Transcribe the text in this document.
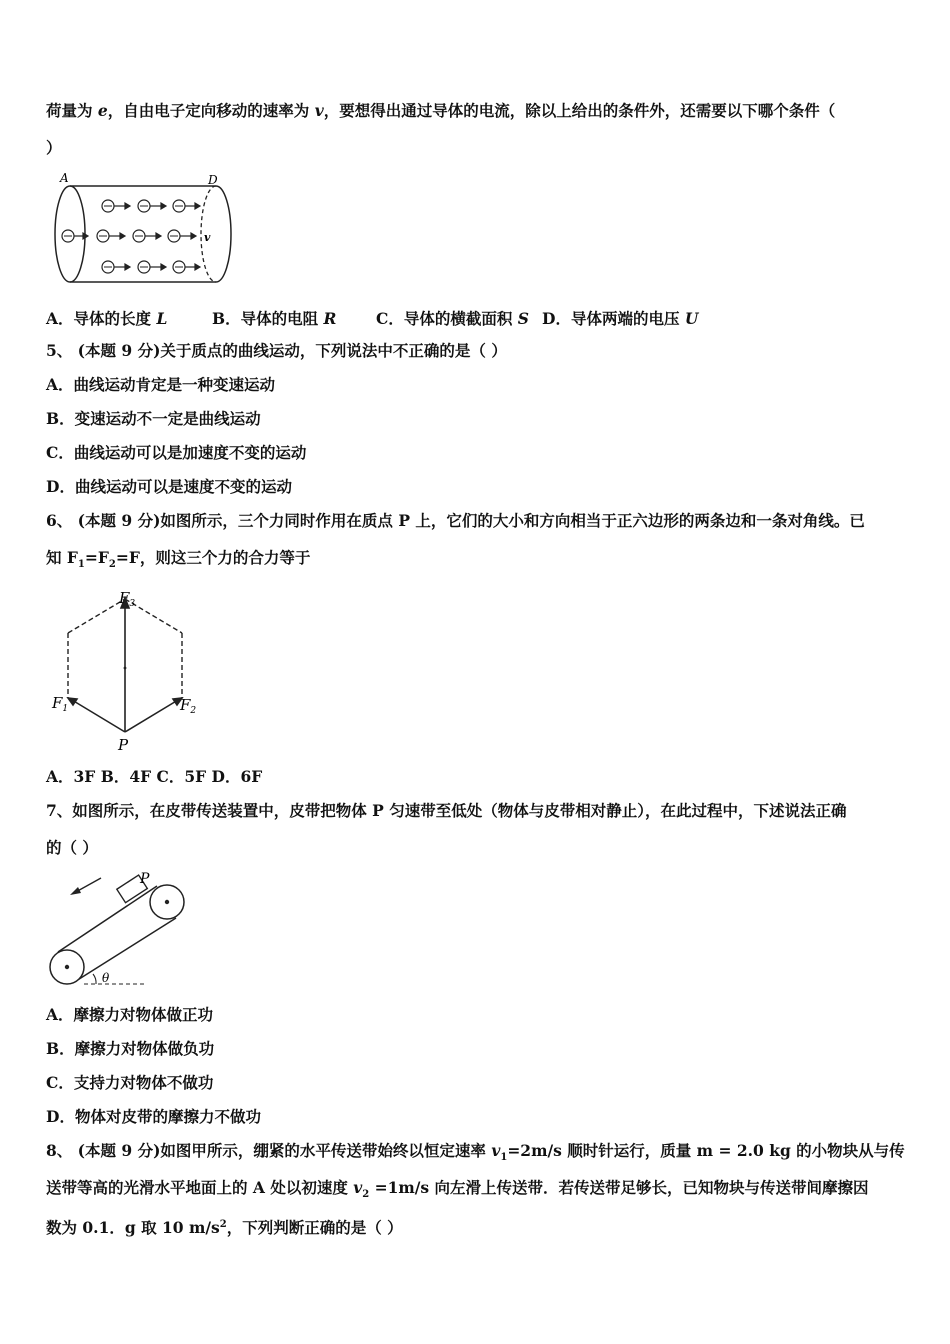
荷量为 e，自由电子定向移动的速率为 v，要想得出通过导体的电流，除以上给出的条件外，还需要以下哪个条件（
）
A	D
v
A．导体的长度 L	B．导体的电阻 R	C．导体的横截面积 S D．导体两端的电压 U
5、 (本题 9 分)关于质点的曲线运动，下列说法中不正确的是（ ）
A．曲线运动肯定是一种变速运动
B．变速运动不一定是曲线运动
C．曲线运动可以是加速度不变的运动
D．曲线运动可以是速度不变的运动
6、 (本题 9 分)如图所示，三个力同时作用在质点 P 上，它们的大小和方向相当于正六边形的两条边和一条对角线。已
知 $F_1=F_2=F$，则这三个力的合力等于
$F_1$	$F_2$
$F_3$
P
A．3F B．4F C．5F D．6F
7、如图所示，在皮带传送装置中，皮带把物体 P 匀速带至低处（物体与皮带相对静止），在此过程中，下述说法正确
的（ ）
P
θ
A．摩擦力对物体做正功
B．摩擦力对物体做负功
C．支持力对物体不做功
D．物体对皮带的摩擦力不做功
8、 (本题 9 分)如图甲所示，绷紧的水平传送带始终以恒定速率 $v_1=2m/s$ 顺时针运行，质量 m = 2.0 kg 的小物块从与传
送带等高的光滑水平地面上的 A 处以初速度 $v_2 =1m/s$ 向左滑上传送带．若传送带足够长，已知物块与传送带间摩擦因
数为 0.1．g 取 10 $m/s^2$，下列判断正确的是（ ）
